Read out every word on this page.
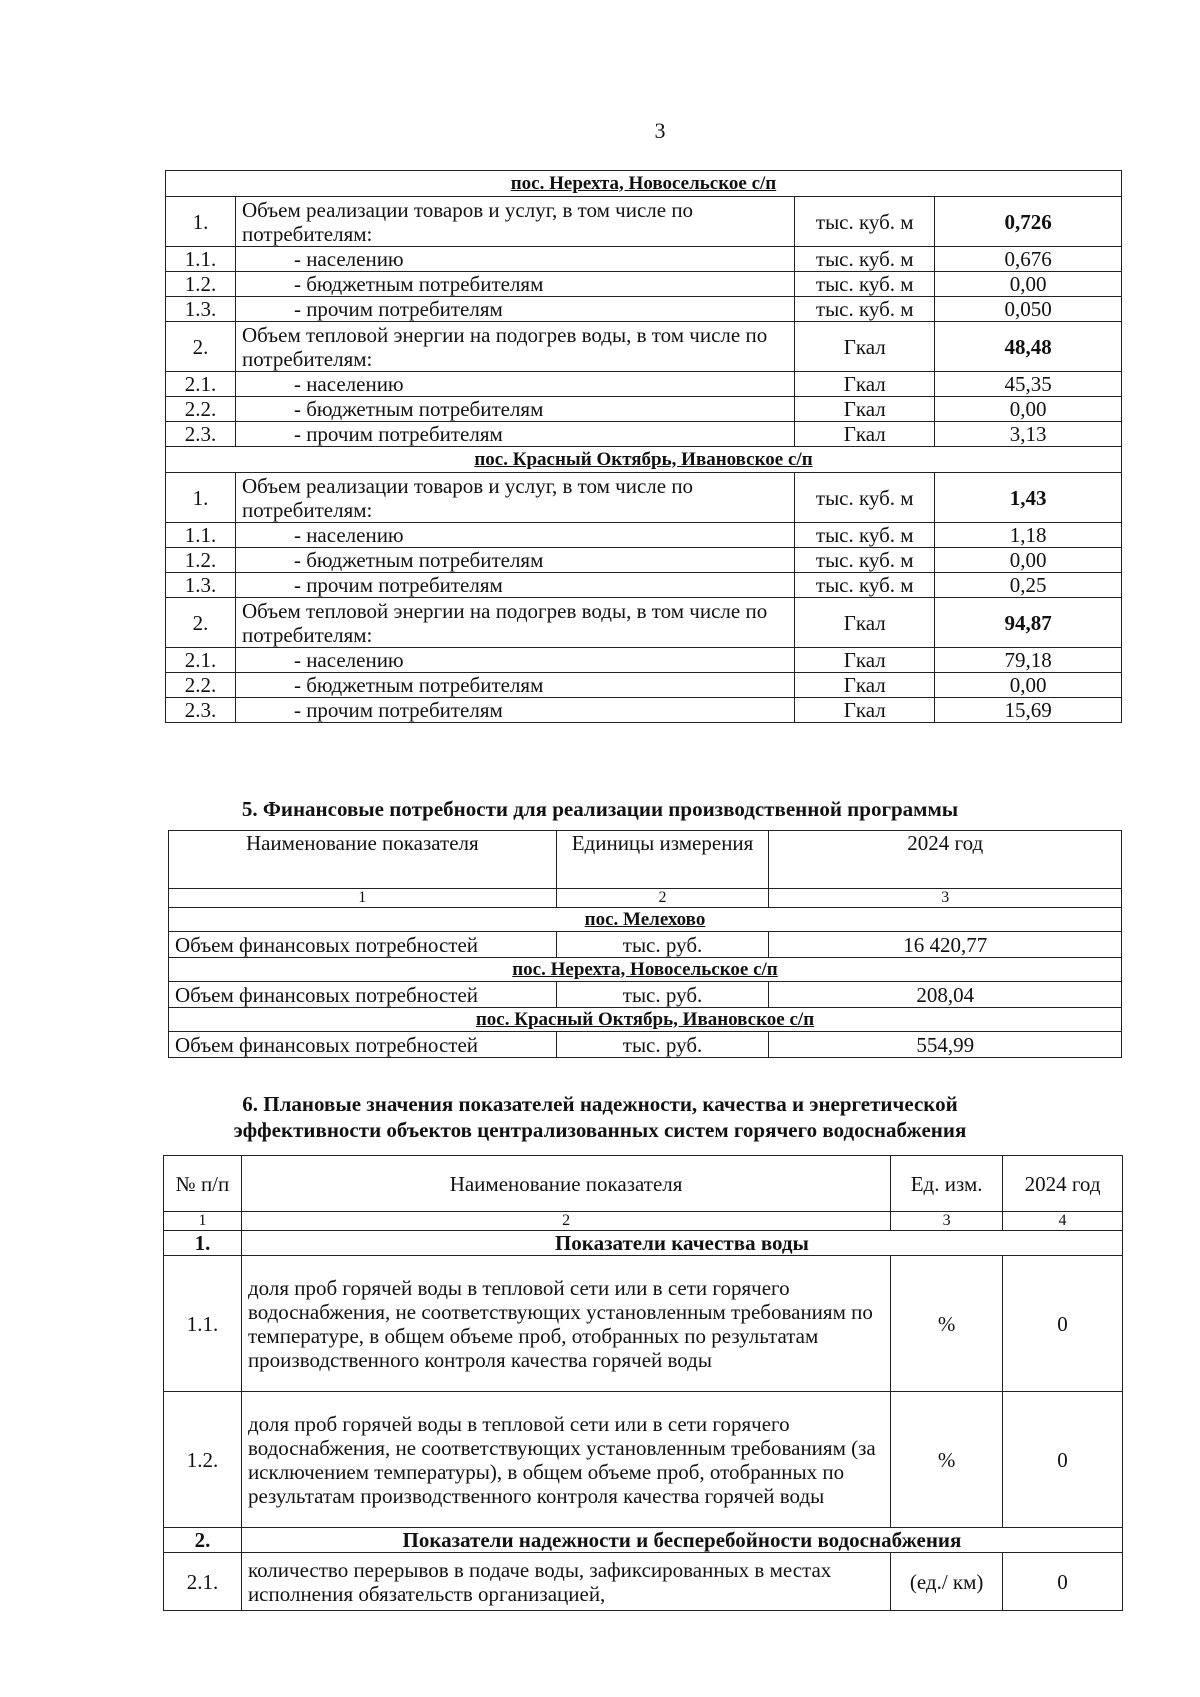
3
пос. Нерехта, Новосельское с/п			
1.	Объем реализации товаров и услуг, в том числе по потребителям:	тыс. куб. м	0,726
1.1.	- населению	тыс. куб. м	0,676
1.2.	- бюджетным потребителям	тыс. куб. м	0,00
1.3.	- прочим потребителям	тыс. куб. м	0,050
2.	Объем тепловой энергии на подогрев воды, в том числе по потребителям:	Гкал	48,48
2.1.	- населению	Гкал	45,35
2.2.	- бюджетным потребителям	Гкал	0,00
2.3.	- прочим потребителям	Гкал	3,13
пос. Красный Октябрь, Ивановское с/п			
1.	Объем реализации товаров и услуг, в том числе по потребителям:	тыс. куб. м	1,43
1.1.	- населению	тыс. куб. м	1,18
1.2.	- бюджетным потребителям	тыс. куб. м	0,00
1.3.	- прочим потребителям	тыс. куб. м	0,25
2.	Объем тепловой энергии на подогрев воды, в том числе по потребителям:	Гкал	94,87
2.1.	- населению	Гкал	79,18
2.2.	- бюджетным потребителям	Гкал	0,00
2.3.	- прочим потребителям	Гкал	15,69
5. Финансовые потребности для реализации производственной программы
Наименование показателя	Единицы измерения	2024 год
1	2	3
пос. Мелехово		
Объем финансовых потребностей	тыс. руб.	16 420,77
пос. Нерехта, Новосельское с/п		
Объем финансовых потребностей	тыс. руб.	208,04
пос. Красный Октябрь, Ивановское с/п		
Объем финансовых потребностей	тыс. руб.	554,99
6. Плановые значения показателей надежности, качества и энергетической
эффективности объектов централизованных систем горячего водоснабжения
№ п/п	Наименование показателя	Ед. изм.	2024 год
1	2	3	4
1.	Показатели качества воды		
1.1.	доля проб горячей воды в тепловой сети или в сети горячего водоснабжения, не соответствующих установленным требованиям по температуре, в общем объеме проб, отобранных по результатам производственного контроля качества горячей воды	%	0
1.2.	доля проб горячей воды в тепловой сети или в сети горячего водоснабжения, не соответствующих установленным требованиям (за исключением температуры), в общем объеме проб, отобранных по результатам производственного контроля качества горячей воды	%	0
2.	Показатели надежности и бесперебойности водоснабжения		
2.1.	количество перерывов в подаче воды, зафиксированных в местах исполнения обязательств организацией,	(ед./ км)	0
